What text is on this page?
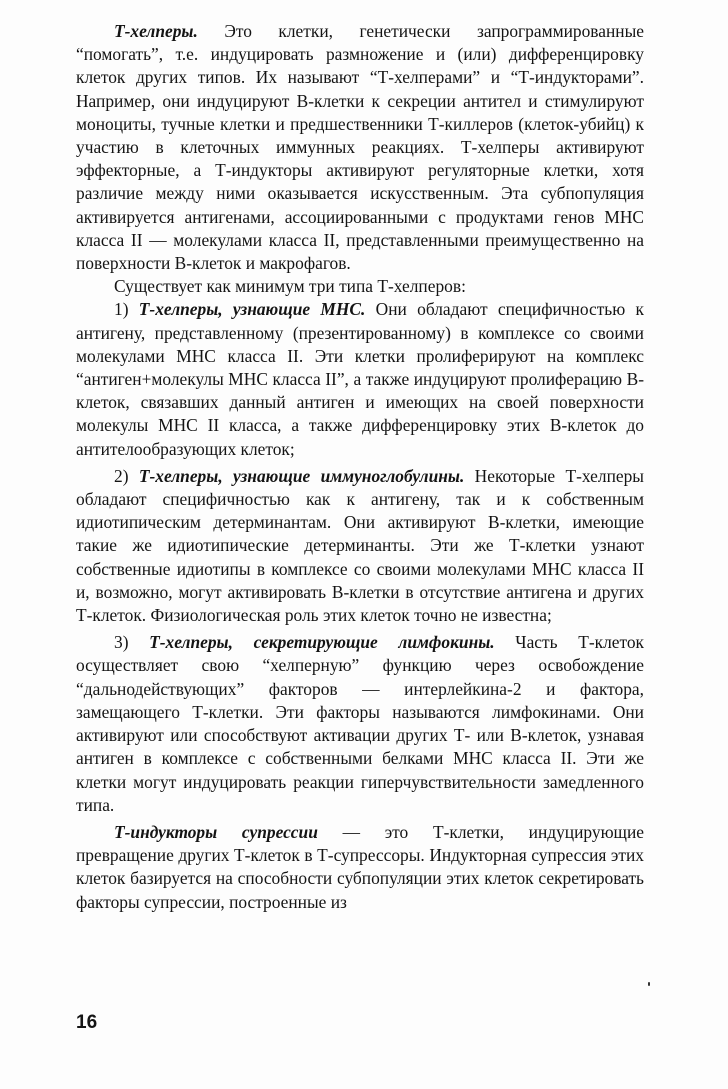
Т-хелперы. Это клетки, генетически запрограммированные “помогать”, т.е. индуцировать размножение и (или) дифференцировку клеток других типов. Их называют “Т-хелперами” и “Т-индукторами”. Например, они индуцируют В-клетки к секреции антител и стимулируют моноциты, тучные клетки и предшественники Т-киллеров (клеток-убийц) к участию в клеточных иммунных реакциях. Т-хелперы активируют эффекторные, а Т-индукторы активируют регуляторные клетки, хотя различие между ними оказывается искусственным. Эта субпопуляция активируется антигенами, ассоциированными с продуктами генов МНС класса II — молекулами класса II, представленными преимущественно на поверхности В-клеток и макрофагов.

Существует как минимум три типа Т-хелперов:

1) Т-хелперы, узнающие МНС. Они обладают специфичностью к антигену, представленному (презентированному) в комплексе со своими молекулами МНС класса II. Эти клетки пролиферируют на комплекс “антиген+молекулы МНС класса II”, а также индуцируют пролиферацию В-клеток, связавших данный антиген и имеющих на своей поверхности молекулы МНС II класса, а также дифференцировку этих В-клеток до антителообразующих клеток;

2) Т-хелперы, узнающие иммуноглобулины. Некоторые Т-хелперы обладают специфичностью как к антигену, так и к собственным идиотипическим детерминантам. Они активируют В-клетки, имеющие такие же идиотипические детерминанты. Эти же Т-клетки узнают собственные идиотипы в комплексе со своими молекулами МНС класса II и, возможно, могут активировать В-клетки в отсутствие антигена и других Т-клеток. Физиологическая роль этих клеток точно не известна;

3) Т-хелперы, секретирующие лимфокины. Часть Т-клеток осуществляет свою “хелперную” функцию через освобождение “дальнодействующих” факторов — интерлейкина-2 и фактора, замещающего Т-клетки. Эти факторы называются лимфокинами. Они активируют или способствуют активации других Т- или В-клеток, узнавая антиген в комплексе с собственными белками МНС класса II. Эти же клетки могут индуцировать реакции гиперчувствительности замедленного типа.

Т-индукторы супрессии — это Т-клетки, индуцирующие превращение других Т-клеток в Т-супрессоры. Индукторная супрессия этих клеток базируется на способности субпопуляции этих клеток секретировать факторы супрессии, построенные из

16
